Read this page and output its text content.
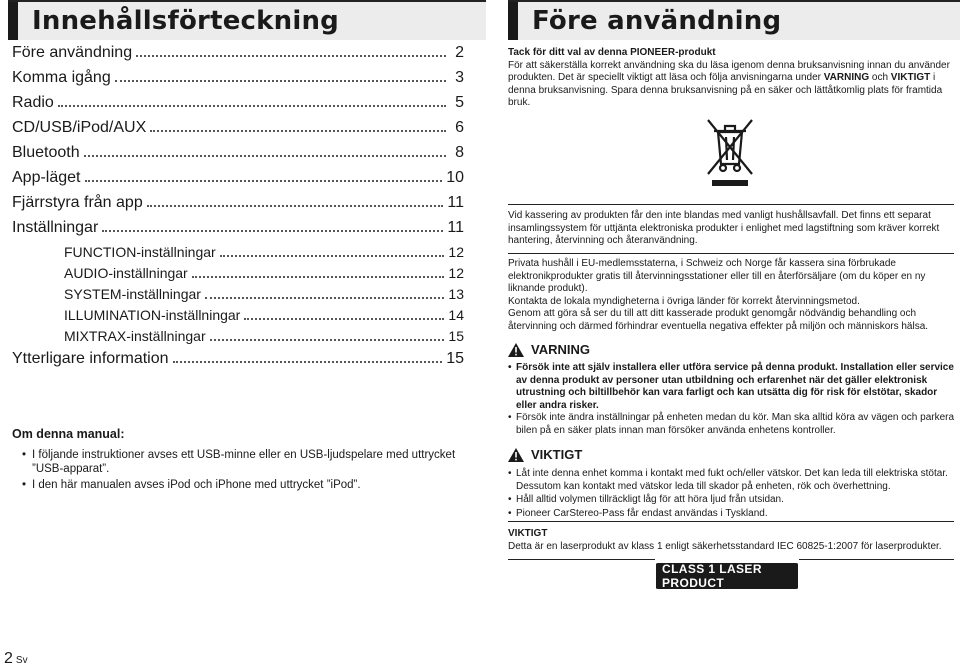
Innehållsförteckning
Före användning	2
Komma igång	3
Radio	5
CD/USB/iPod/AUX	6
Bluetooth	8
App-läget	10
Fjärrstyra från app	11
Inställningar	11
FUNCTION-inställningar	12
AUDIO-inställningar	12
SYSTEM-inställningar	13
ILLUMINATION-inställningar	14
MIXTRAX-inställningar	15
Ytterligare information	15
Om denna manual:
• I följande instruktioner avses ett USB-minne eller en USB-ljudspelare med uttrycket ”USB-apparat”.
• I den här manualen avses iPod och iPhone med uttrycket ”iPod”.
Före användning
Tack för ditt val av denna PIONEER-produkt
För att säkerställa korrekt användning ska du läsa igenom denna bruksanvisning innan du använder produkten. Det är speciellt viktigt att läsa och följa anvisningarna under VARNING och VIKTIGT i denna bruksanvisning. Spara denna bruksanvisning på en säker och lättåtkomlig plats för framtida bruk.

Vid kassering av produkten får den inte blandas med vanligt hushållsavfall. Det finns ett separat insamlingssystem för uttjänta elektroniska produkter i enlighet med lagstiftning som kräver korrekt hantering, återvinning och återanvändning.

Privata hushåll i EU-medlemsstaterna, i Schweiz och Norge får kassera sina förbrukade elektronikprodukter gratis till återvinningsstationer eller till en återförsäljare (om du köper en ny liknande produkt).

Kontakta de lokala myndigheterna i övriga länder för korrekt återvinningsmetod.

Genom att göra så ser du till att ditt kasserade produkt genomgår nödvändig behandling och återvinning och därmed förhindrar eventuella negativa effekter på miljön och människors hälsa.

VARNING
• Försök inte att själv installera eller utföra service på denna produkt. Installation eller service av denna produkt av personer utan utbildning och erfarenhet när det gäller elektronisk utrustning och biltillbehör kan vara farligt och kan utsätta dig för risk för elstötar, skador eller andra risker.
• Försök inte ändra inställningar på enheten medan du kör. Man ska alltid köra av vägen och parkera bilen på en säker plats innan man försöker använda enhetens kontroller.
VIKTIGT
• Låt inte denna enhet komma i kontakt med fukt och/eller vätskor. Det kan leda till elektriska stötar. Dessutom kan kontakt med vätskor leda till skador på enheten, rök och överhettning.
• Håll alltid volymen tillräckligt låg för att höra ljud från utsidan.
• Pioneer CarStereo-Pass får endast användas i Tyskland.
VIKTIGT
Detta är en laserprodukt av klass 1 enligt säkerhetsstandard IEC 60825-1:2007 för laserprodukter.
CLASS 1 LASER PRODUCT
2 Sv
